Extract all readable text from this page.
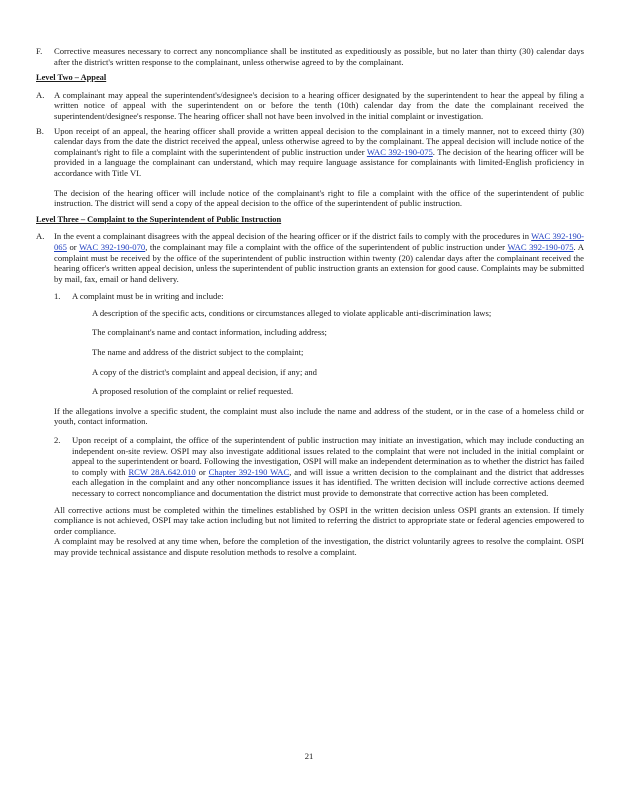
F. Corrective measures necessary to correct any noncompliance shall be instituted as expeditiously as possible, but no later than thirty (30) calendar days after the district's written response to the complainant, unless otherwise agreed to by the complainant.
Level Two – Appeal
A. A complainant may appeal the superintendent's/designee's decision to a hearing officer designated by the superintendent to hear the appeal by filing a written notice of appeal with the superintendent on or before the tenth (10th) calendar day from the date the complainant received the superintendent/designee's response. The hearing officer shall not have been involved in the initial complaint or investigation.
B. Upon receipt of an appeal, the hearing officer shall provide a written appeal decision to the complainant in a timely manner, not to exceed thirty (30) calendar days from the date the district received the appeal, unless otherwise agreed to by the complainant. The appeal decision will include notice of the complainant's right to file a complaint with the superintendent of public instruction under WAC 392-190-075. The decision of the hearing officer will be provided in a language the complainant can understand, which may require language assistance for complainants with limited-English proficiency in accordance with Title VI.
The decision of the hearing officer will include notice of the complainant's right to file a complaint with the office of the superintendent of public instruction. The district will send a copy of the appeal decision to the office of the superintendent of public instruction.
Level Three – Complaint to the Superintendent of Public Instruction
A. In the event a complainant disagrees with the appeal decision of the hearing officer or if the district fails to comply with the procedures in WAC 392-190-065 or WAC 392-190-070, the complainant may file a complaint with the office of the superintendent of public instruction under WAC 392-190-075. A complaint must be received by the office of the superintendent of public instruction within twenty (20) calendar days after the complainant received the hearing officer's written appeal decision, unless the superintendent of public instruction grants an extension for good cause. Complaints may be submitted by mail, fax, email or hand delivery.
1. A complaint must be in writing and include:
A description of the specific acts, conditions or circumstances alleged to violate applicable anti-discrimination laws;
The complainant's name and contact information, including address;
The name and address of the district subject to the complaint;
A copy of the district's complaint and appeal decision, if any; and
A proposed resolution of the complaint or relief requested.
If the allegations involve a specific student, the complaint must also include the name and address of the student, or in the case of a homeless child or youth, contact information.
2. Upon receipt of a complaint, the office of the superintendent of public instruction may initiate an investigation, which may include conducting an independent on-site review. OSPI may also investigate additional issues related to the complaint that were not included in the initial complaint or appeal to the superintendent or board. Following the investigation, OSPI will make an independent determination as to whether the district has failed to comply with RCW 28A.642.010 or Chapter 392-190 WAC, and will issue a written decision to the complainant and the district that addresses each allegation in the complaint and any other noncompliance issues it has identified. The written decision will include corrective actions deemed necessary to correct noncompliance and documentation the district must provide to demonstrate that corrective action has been completed.
All corrective actions must be completed within the timelines established by OSPI in the written decision unless OSPI grants an extension. If timely compliance is not achieved, OSPI may take action including but not limited to referring the district to appropriate state or federal agencies empowered to order compliance.
A complaint may be resolved at any time when, before the completion of the investigation, the district voluntarily agrees to resolve the complaint. OSPI may provide technical assistance and dispute resolution methods to resolve a complaint.
21
